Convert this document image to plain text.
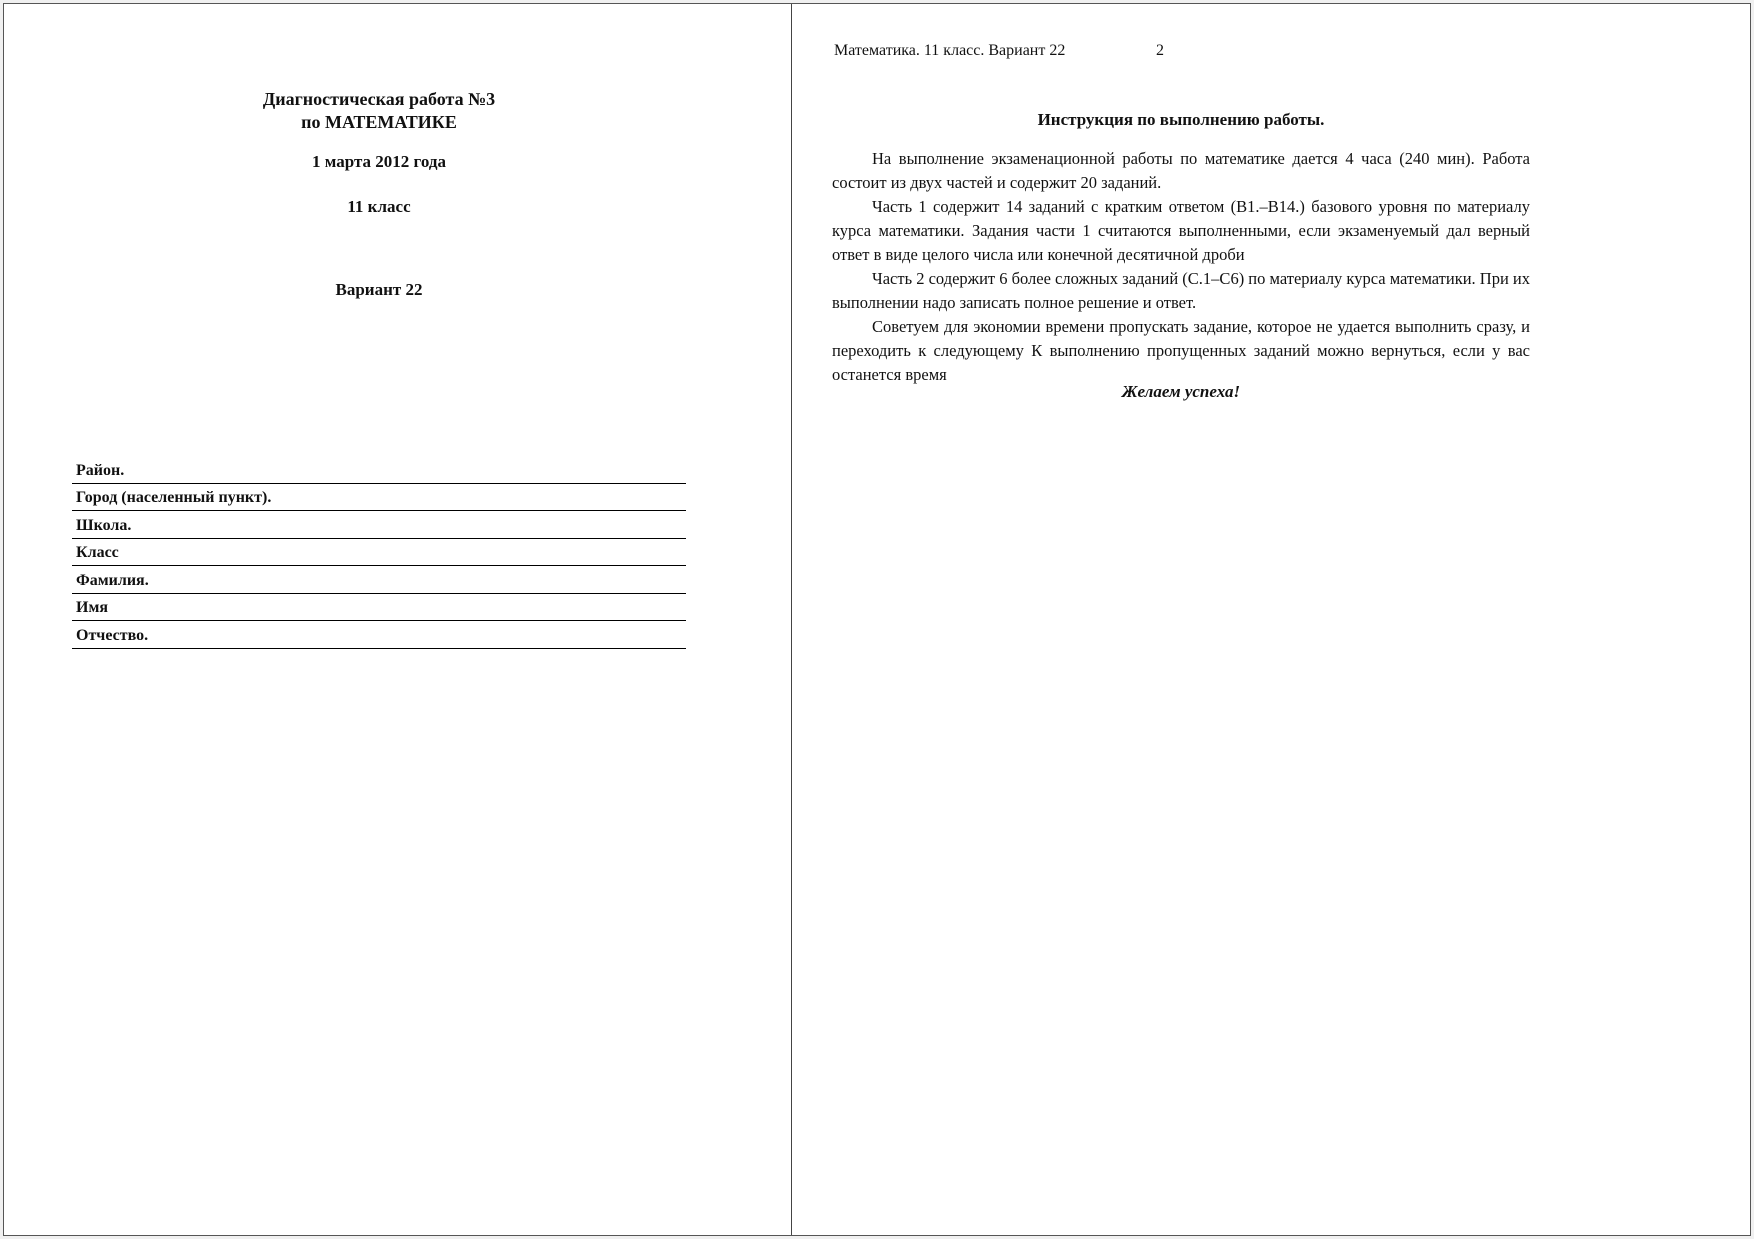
Диагностическая работа №3
по МАТЕМАТИКЕ
1 марта 2012 года
11 класс
Вариант 22
Район.
Город (населенный пункт).
Школа.
Класс
Фамилия.
Имя
Отчество.
Математика. 11 класс. Вариант 22	2
Инструкция по выполнению работы.

На выполнение экзаменационной работы по математике дается 4 часа (240 мин). Работа состоит из двух частей и содержит 20 заданий.

Часть 1 содержит 14 заданий с кратким ответом (В1.–В14.) базового уровня по материалу курса математики. Задания части 1 считаются выполненными, если экзаменуемый дал верный ответ в виде целого числа или конечной десятичной дроби

Часть 2 содержит 6 более сложных заданий (С.1–С6) по материалу курса математики. При их выполнении надо записать полное решение и ответ.

Советуем для экономии времени пропускать задание, которое не удается выполнить сразу, и переходить к следующему К выполнению пропущенных заданий можно вернуться, если у вас останется время

Желаем успеха!
